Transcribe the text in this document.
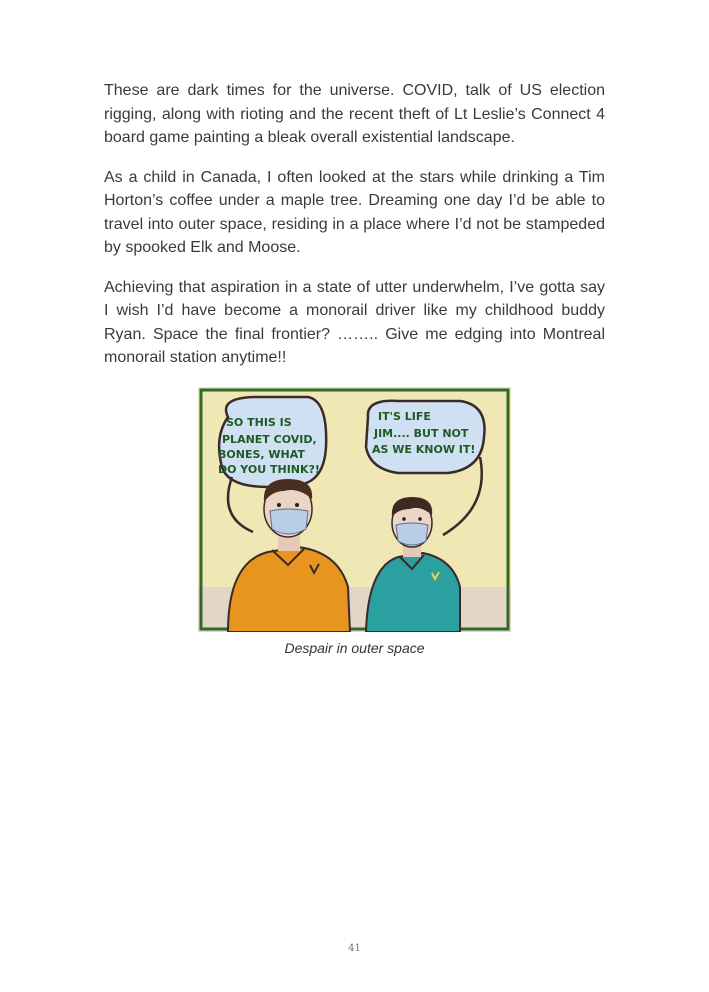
These are dark times for the universe. COVID, talk of US election rigging, along with rioting and the recent theft of Lt Leslie’s Connect 4 board game painting a bleak overall existential landscape.

As a child in Canada, I often looked at the stars while drinking a Tim Horton’s coffee under a maple tree. Dreaming one day I’d be able to travel into outer space, residing in a place where I’d not be stampeded by spooked Elk and Moose.

Achieving that aspiration in a state of utter underwhelm, I’ve gotta say I wish I’d have become a monorail driver like my childhood buddy Ryan. Space the final frontier? …….. Give me edging into Montreal monorail station anytime!!

SO THIS IS
PLANET COVID,
BONES, WHAT
DO YOU THINK?!
IT'S LIFE
JIM.... BUT NOT
AS WE KNOW IT!
Despair in outer space
41
